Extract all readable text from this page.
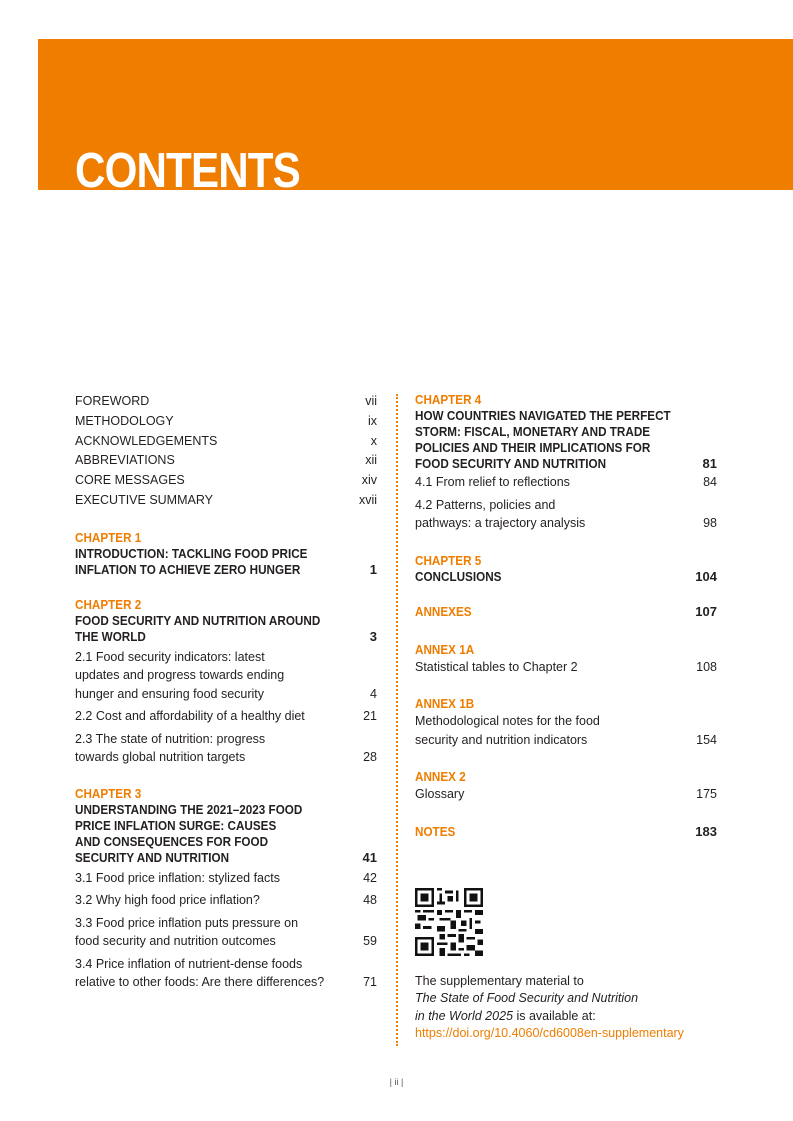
CONTENTS
FOREWORD	vii
METHODOLOGY	ix
ACKNOWLEDGEMENTS	x
ABBREVIATIONS	xii
CORE MESSAGES	xiv
EXECUTIVE SUMMARY	xvii
CHAPTER 1
INTRODUCTION: TACKLING FOOD PRICE
INFLATION TO ACHIEVE ZERO HUNGER	1
CHAPTER 2
FOOD SECURITY AND NUTRITION AROUND
THE WORLD	3
2.1 Food security indicators: latest updates and progress towards ending hunger and ensuring food security	4
2.2 Cost and affordability of a healthy diet	21
2.3 The state of nutrition: progress towards global nutrition targets	28
CHAPTER 3
UNDERSTANDING THE 2021–2023 FOOD
PRICE INFLATION SURGE: CAUSES
AND CONSEQUENCES FOR FOOD
SECURITY AND NUTRITION	41
3.1 Food price inflation: stylized facts	42
3.2 Why high food price inflation?	48
3.3 Food price inflation puts pressure on food security and nutrition outcomes	59
3.4 Price inflation of nutrient-dense foods relative to other foods: Are there differences?	71
CHAPTER 4
HOW COUNTRIES NAVIGATED THE PERFECT
STORM: FISCAL, MONETARY AND TRADE
POLICIES AND THEIR IMPLICATIONS FOR
FOOD SECURITY AND NUTRITION	81
4.1 From relief to reflections	84
4.2 Patterns, policies and pathways: a trajectory analysis	98
CHAPTER 5
CONCLUSIONS	104
ANNEXES	107
ANNEX 1A
Statistical tables to Chapter 2	108
ANNEX 1B
Methodological notes for the food security and nutrition indicators	154
ANNEX 2
Glossary	175
NOTES	183
The supplementary material to
The State of Food Security and Nutrition
in the World 2025 is available at:
https://doi.org/10.4060/cd6008en-supplementary
| ii |
